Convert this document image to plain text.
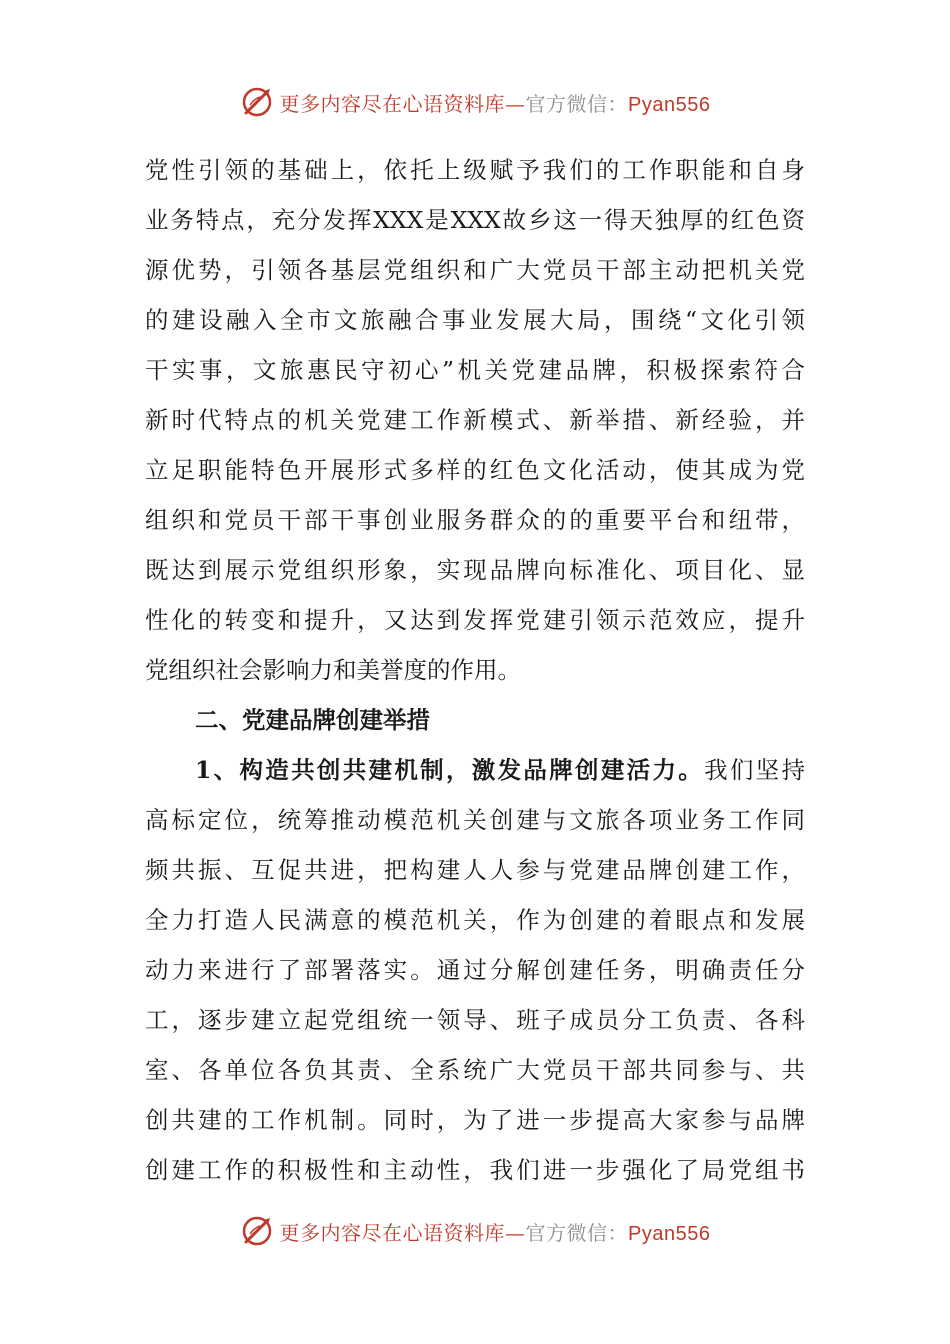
更多内容尽在心语资料库—官方微信：Pyan556
党性引领的基础上，依托上级赋予我们的工作职能和自身
业务特点，充分发挥XXX是XXX故乡这一得天独厚的红色资
源优势，引领各基层党组织和广大党员干部主动把机关党
的建设融入全市文旅融合事业发展大局，围绕“文化引领
干实事，文旅惠民守初心”机关党建品牌，积极探索符合
新时代特点的机关党建工作新模式、新举措、新经验，并
立足职能特色开展形式多样的红色文化活动，使其成为党
组织和党员干部干事创业服务群众的的重要平台和纽带，
既达到展示党组织形象，实现品牌向标准化、项目化、显
性化的转变和提升，又达到发挥党建引领示范效应，提升
党组织社会影响力和美誉度的作用。
二、党建品牌创建举措
1、构造共创共建机制，激发品牌创建活力。我们坚持
高标定位，统筹推动模范机关创建与文旅各项业务工作同
频共振、互促共进，把构建人人参与党建品牌创建工作，
全力打造人民满意的模范机关，作为创建的着眼点和发展
动力来进行了部署落实。通过分解创建任务，明确责任分
工，逐步建立起党组统一领导、班子成员分工负责、各科
室、各单位各负其责、全系统广大党员干部共同参与、共
创共建的工作机制。同时，为了进一步提高大家参与品牌
创建工作的积极性和主动性，我们进一步强化了局党组书
更多内容尽在心语资料库—官方微信：Pyan556
